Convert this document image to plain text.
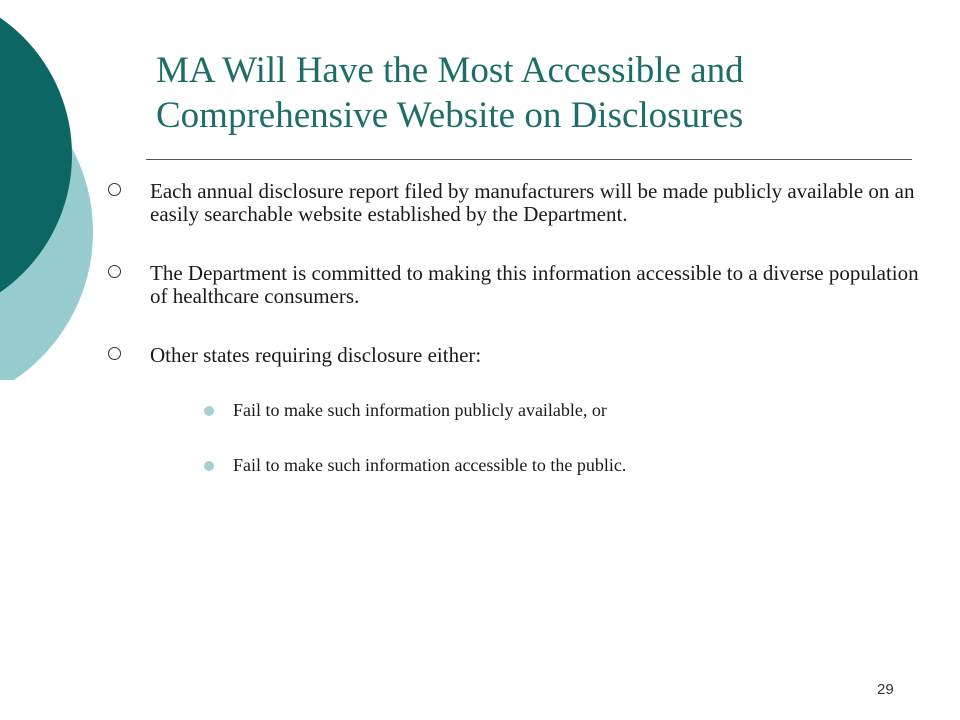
MA Will Have the Most Accessible and
Comprehensive Website on Disclosures
Each annual disclosure report filed by manufacturers will be made publicly available on an easily searchable website established by the Department.
The Department is committed to making this information accessible to a diverse population of healthcare consumers.
Other states requiring disclosure either:
Fail to make such information publicly available, or
Fail to make such information accessible to the public.
29
